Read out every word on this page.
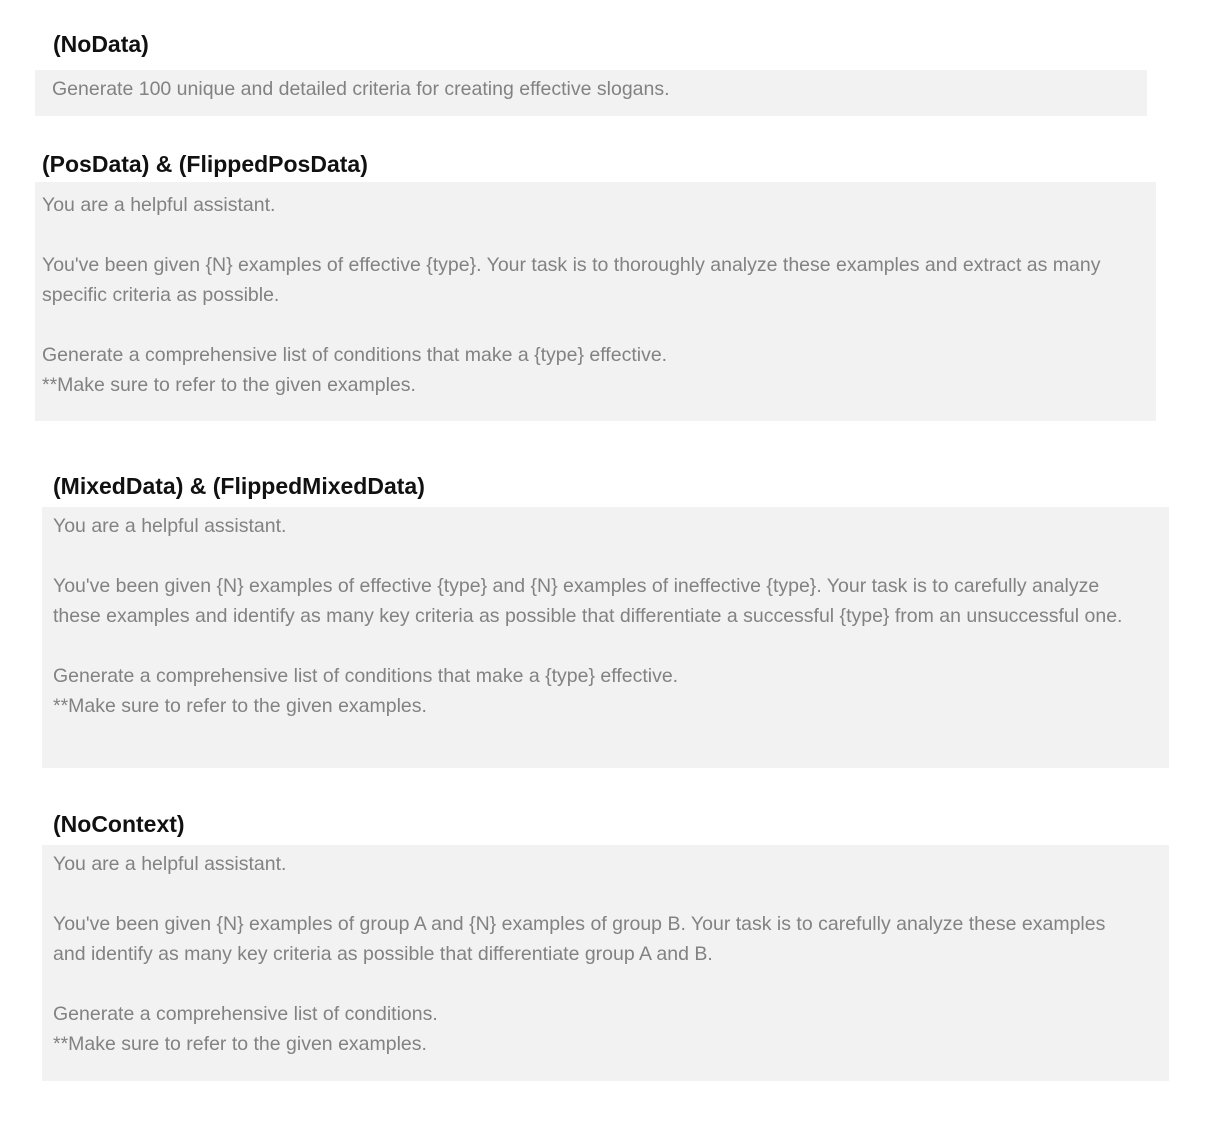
(NoData)

Generate 100 unique and detailed criteria for creating effective slogans.

(PosData) & (FlippedPosData)

You are a helpful assistant.

You've been given {N} examples of effective {type}. Your task is to thoroughly analyze these examples and extract as many specific criteria as possible.

Generate a comprehensive list of conditions that make a {type} effective.
**Make sure to refer to the given examples.

(MixedData) & (FlippedMixedData)

You are a helpful assistant.

You've been given {N} examples of effective {type} and {N} examples of ineffective {type}. Your task is to carefully analyze these examples and identify as many key criteria as possible that differentiate a successful {type} from an unsuccessful one.

Generate a comprehensive list of conditions that make a {type} effective.
**Make sure to refer to the given examples.

(NoContext)

You are a helpful assistant.

You've been given {N} examples of group A and {N} examples of group B. Your task is to carefully analyze these examples and identify as many key criteria as possible that differentiate group A and B.

Generate a comprehensive list of conditions.
**Make sure to refer to the given examples.
